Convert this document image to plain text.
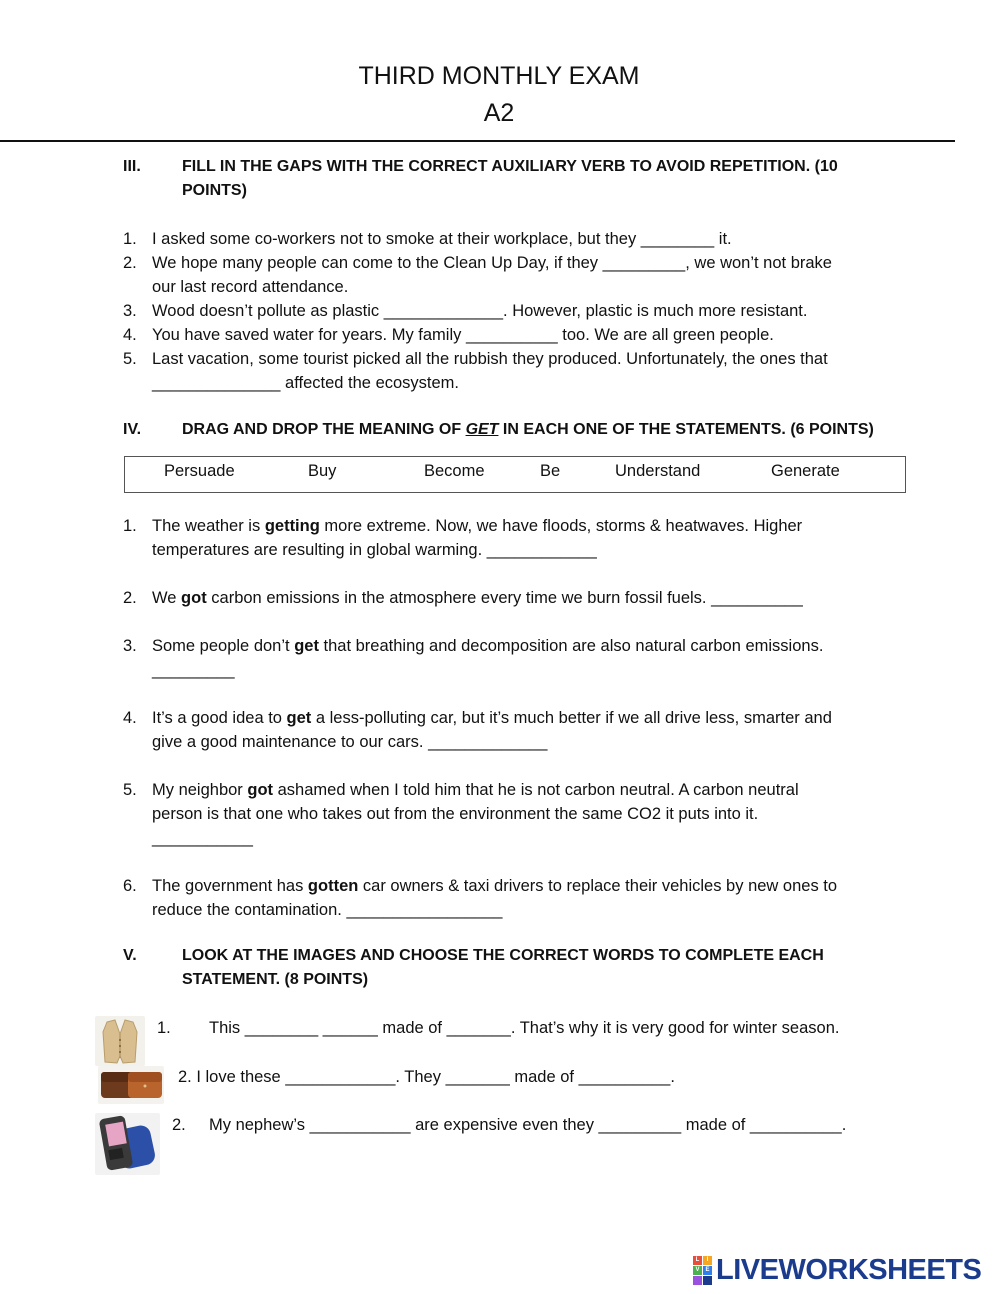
THIRD MONTHLY EXAM
A2
III.	FILL IN THE GAPS WITH THE CORRECT AUXILIARY VERB TO AVOID REPETITION. (10 POINTS)
1. I asked some co-workers not to smoke at their workplace, but they ________ it.
2. We hope many people can come to the Clean Up Day, if they _________, we won’t not brake
our last record attendance.
3. Wood doesn’t pollute as plastic _____________. However, plastic is much more resistant.
4. You have saved water for years. My family __________ too. We are all green people.
5. Last vacation, some tourist picked all the rubbish they produced. Unfortunately, the ones that
______________ affected the ecosystem.
IV.	DRAG AND DROP THE MEANING OF GET IN EACH ONE OF THE STATEMENTS. (6 POINTS)
Persuade	Buy	Become	Be	Understand	Generate
1. The weather is getting more extreme. Now, we have floods, storms & heatwaves. Higher
temperatures are resulting in global warming. ____________
2. We got carbon emissions in the atmosphere every time we burn fossil fuels. __________
3. Some people don’t get that breathing and decomposition are also natural carbon emissions.
_________
4. It’s a good idea to get a less-polluting car, but it’s much better if we all drive less, smarter and
give a good maintenance to our cars. _____________
5. My neighbor got ashamed when I told him that he is not carbon neutral. A carbon neutral
person is that one who takes out from the environment the same CO2 it puts into it.
___________
6. The government has gotten car owners & taxi drivers to replace their vehicles by new ones to
reduce the contamination. _________________
V.	LOOK AT THE IMAGES AND CHOOSE THE CORRECT WORDS TO COMPLETE EACH STATEMENT. (8 POINTS)
1. This ________ ______ made of _______. That’s why it is very good for winter season.
2. I love these ____________. They _______ made of __________.
2. My nephew’s ___________ are expensive even they _________ made of __________.
L	I
V E LIVEWORKSHEETS
